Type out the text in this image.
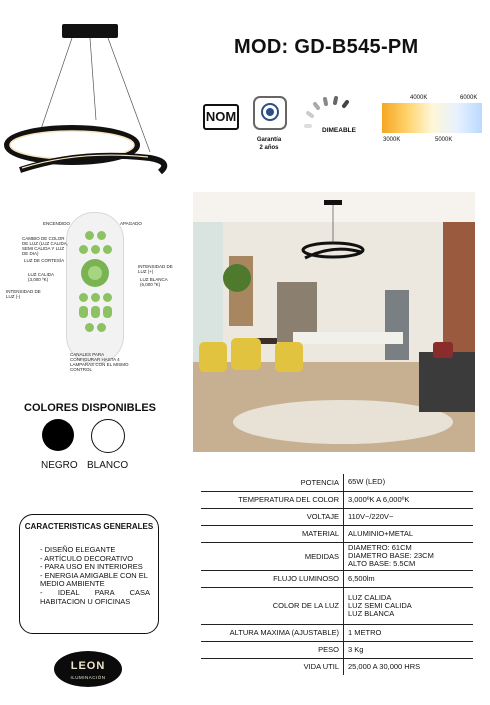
MOD: GD-B545-PM
NOM
Garantía
2 años
DIMEABLE
4000K	6000K
3000K	5000K
ENCENDIDO	APAGADO
CAMBIO DE COLOR DE LUZ (LUZ CALIDA, SEMI CALIDA Y LUZ DE DIA)
LUZ DE CORTESÍA
LUZ CALIDA (3,000 ºK)
INTENSIDAD DE LUZ (+)
LUZ BLANCA (6,000 ºK)
INTENSIDAD DE LUZ (-)
CANALES PARA CONFIGURAR HASTA 4 LAMPARAS CON EL MISMO CONTROL
COLORES DISPONIBLES
NEGRO BLANCO
CARACTERISTICAS GENERALES
- DISEÑO ELEGANTE
- ARTÍCULO DECORATIVO
- PARA USO EN INTERIORES
- ENERGIA AMIGABLE CON EL MEDIO AMBIENTE
- IDEAL PARA CASA HABITACION U OFICINAS
POTENCIA	65W (LED)
TEMPERATURA DEL COLOR	3,000ºK A 6,000ºK
VOLTAJE	110V~/220V~
MATERIAL	ALUMINIO+METAL
MEDIDAS	DIAMETRO: 61CM
DIAMETRO BASE: 23CM
ALTO BASE: 5.5CM

FLUJO LUMINOSO	6,500lm
COLOR DE LA LUZ	LUZ CALIDA
LUZ SEMI CALIDA
LUZ BLANCA

ALTURA MAXIMA (AJUSTABLE)	1 METRO
PESO	3 Kg
VIDA UTIL	25,000 A 30,000 HRS
LEON
ILUMINACIÓN
